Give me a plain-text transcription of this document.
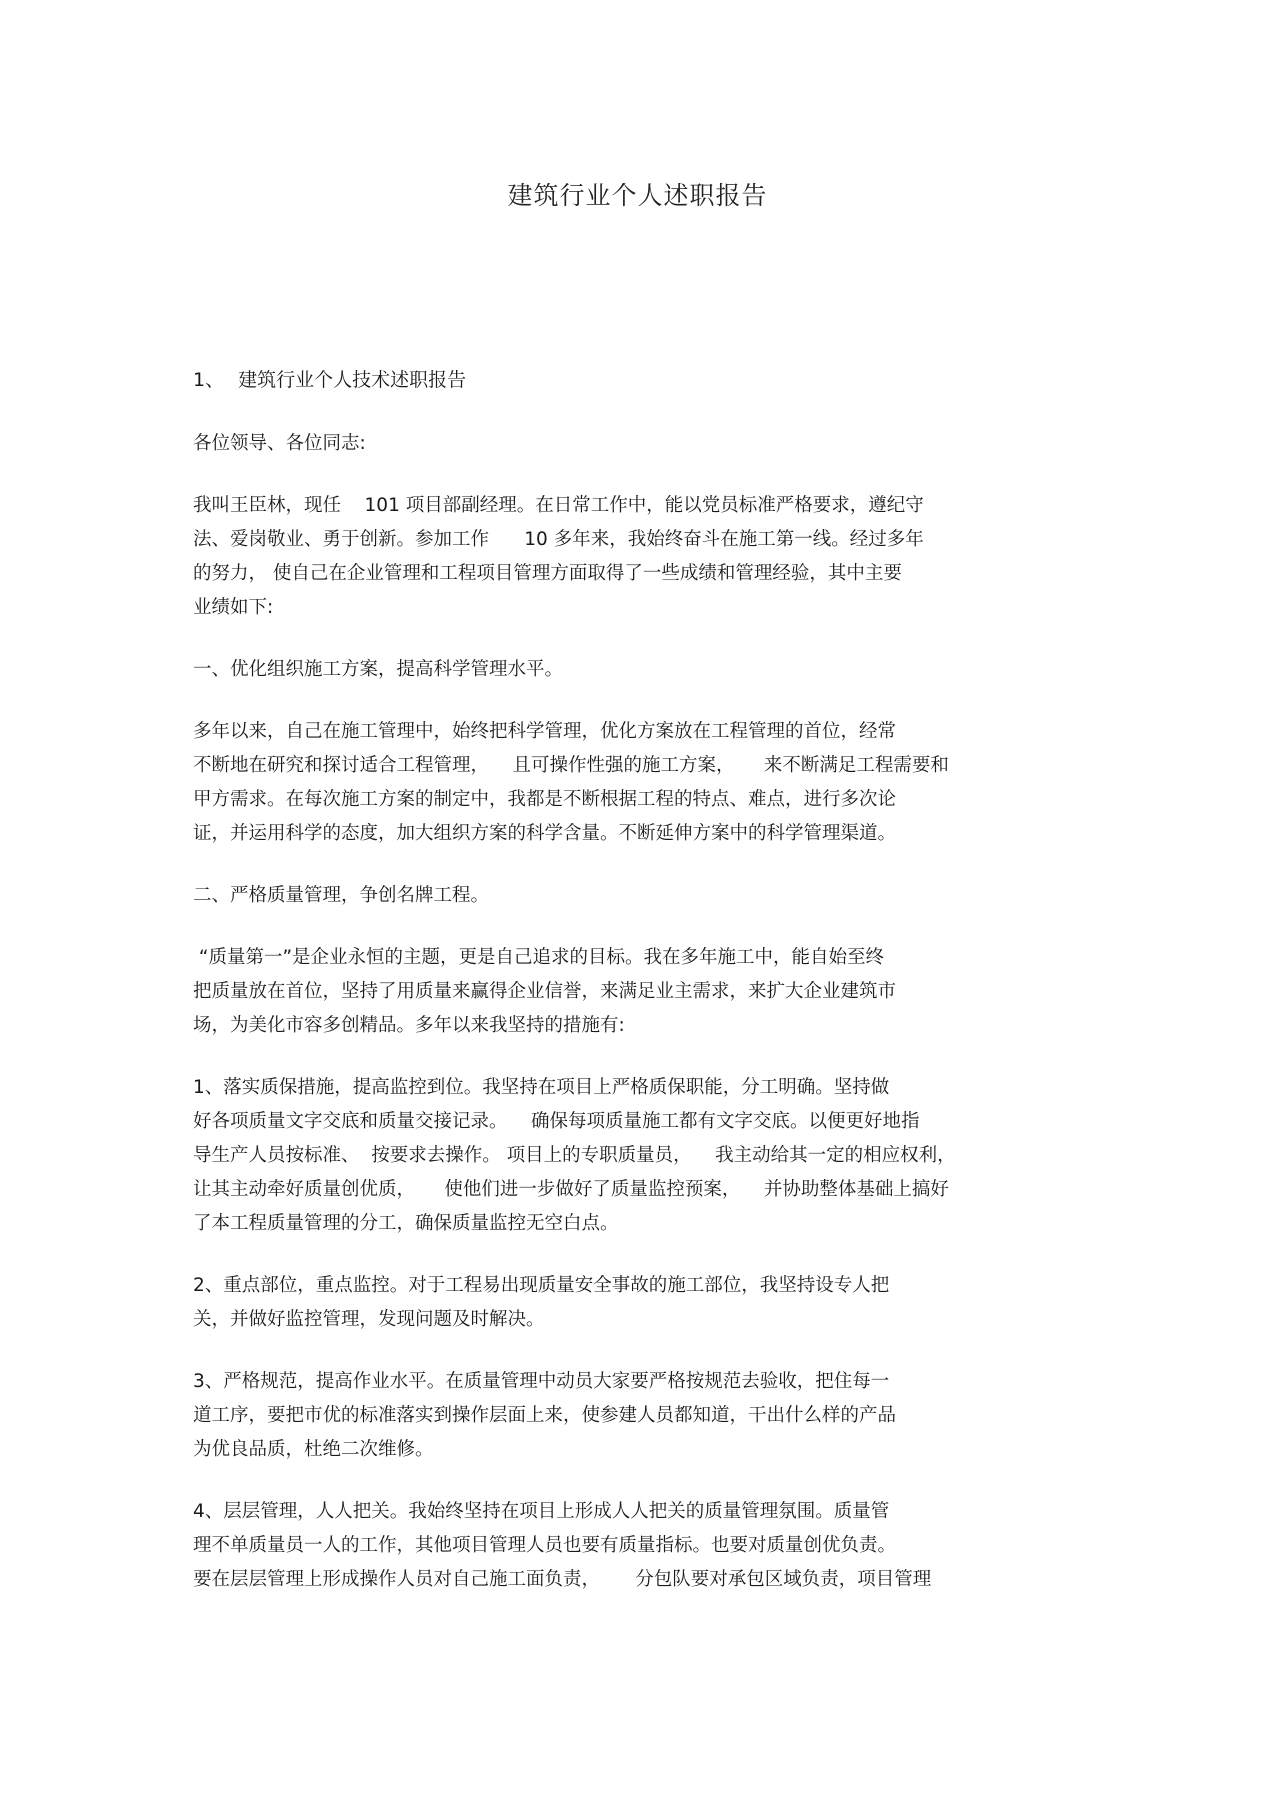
建筑行业个人述职报告

1、 建筑行业个人技术述职报告

各位领导、各位同志:

我叫王臣林，现任    101 项目部副经理。在日常工作中，能以党员标准严格要求，遵纪守
法、爱岗敬业、勇于创新。参加工作      10 多年来，我始终奋斗在施工第一线。经过多年
的努力， 使自己在企业管理和工程项目管理方面取得了一些成绩和管理经验，其中主要
业绩如下:

一、优化组织施工方案，提高科学管理水平。

多年以来，自己在施工管理中，始终把科学管理，优化方案放在工程管理的首位，经常
不断地在研究和探讨适合工程管理，    且可操作性强的施工方案，     来不断满足工程需要和
甲方需求。在每次施工方案的制定中，我都是不断根据工程的特点、难点，进行多次论
证，并运用科学的态度，加大组织方案的科学含量。不断延伸方案中的科学管理渠道。

二、严格质量管理，争创名牌工程。

“质量第一”是企业永恒的主题，更是自己追求的目标。我在多年施工中，能自始至终
把质量放在首位，坚持了用质量来赢得企业信誉，来满足业主需求，来扩大企业建筑市
场，为美化市容多创精品。多年以来我坚持的措施有:

1、落实质保措施，提高监控到位。我坚持在项目上严格质保职能，分工明确。坚持做
好各项质量文字交底和质量交接记录。    确保每项质量施工都有文字交底。以便更好地指
导生产人员按标准、  按要求去操作。 项目上的专职质量员，    我主动给其一定的相应权利，
让其主动牵好质量创优质，     使他们进一步做好了质量监控预案，    并协助整体基础上搞好
了本工程质量管理的分工，确保质量监控无空白点。

2、重点部位，重点监控。对于工程易出现质量安全事故的施工部位，我坚持设专人把
关，并做好监控管理，发现问题及时解决。

3、严格规范，提高作业水平。在质量管理中动员大家要严格按规范去验收，把住每一
道工序，要把市优的标准落实到操作层面上来，使参建人员都知道，干出什么样的产品
为优良品质，杜绝二次维修。

4、层层管理，人人把关。我始终坚持在项目上形成人人把关的质量管理氛围。质量管
理不单质量员一人的工作，其他项目管理人员也要有质量指标。也要对质量创优负责。
要在层层管理上形成操作人员对自己施工面负责，      分包队要对承包区域负责，项目管理
